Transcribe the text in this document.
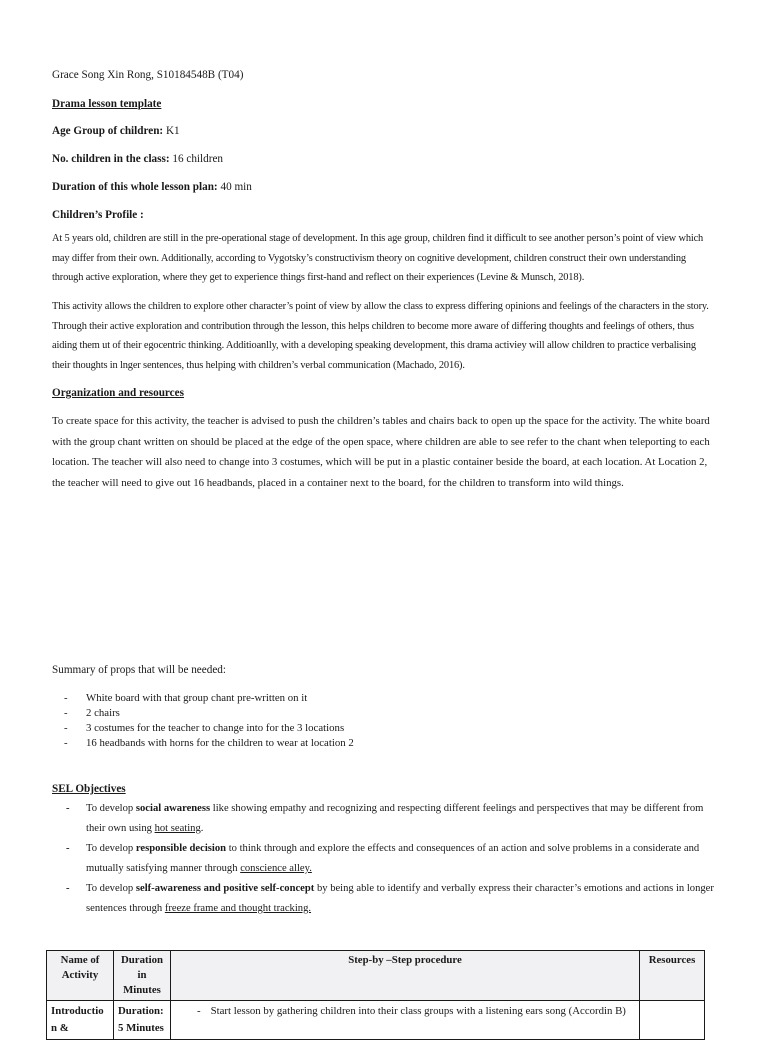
Grace Song Xin Rong, S10184548B (T04)
Drama lesson template
Age Group of children: K1
No. children in the class: 16 children
Duration of this whole lesson plan: 40 min
Children’s Profile :
At 5 years old, children are still in the pre-operational stage of development. In this age group, children find it difficult to see another person’s point of view which may differ from their own. Additionally, according to Vygotsky’s constructivism theory on cognitive development, children construct their own understanding through active exploration, where they get to experience things first-hand and reflect on their experiences (Levine & Munsch, 2018).
This activity allows the children to explore other character’s point of view by allow the class to express differing opinions and feelings of the characters in the story. Through their active exploration and contribution through the lesson, this helps children to become more aware of differing thoughts and feelings of others, thus aiding them ut of their egocentric thinking. Additioanlly, with a developing speaking development, this drama activiey will allow children to practice verbalising their thoughts in lnger sentences, thus helping with children’s verbal communication (Machado, 2016).
Organization and resources
To create space for this activity, the teacher is advised to push the children’s tables and chairs back to open up the space for the activity. The white board with the group chant written on should be placed at the edge of the open space, where children are able to see refer to the chant when teleporting to each location. The teacher will also need to change into 3 costumes, which will be put in a plastic container beside the board, at each location. At Location 2, the teacher will need to give out 16 headbands, placed in a container next to the board, for the children to transform into wild things.
Summary of props that will be needed:
- White board with that group chant pre-written on it
- 2 chairs
- 3 costumes for the teacher to change into for the 3 locations
- 16 headbands with horns for the children to wear at location 2
SEL Objectives
- To develop social awareness like showing empathy and recognizing and respecting different feelings and perspectives that may be different from their own using hot seating.
- To develop responsible decision to think through and explore the effects and consequences of an action and solve problems in a considerate and mutually satisfying manner through conscience alley.
- To develop self-awareness and positive self-concept by being able to identify and verbally express their character’s emotions and actions in longer sentences through freeze frame and thought tracking.
Name of Activity	Duration in Minutes	Step-by –Step procedure	Resources
Introductio n &	Duration: 5 Minutes	- Start lesson by gathering children into their class groups with a listening ears song (Accordin B)	
